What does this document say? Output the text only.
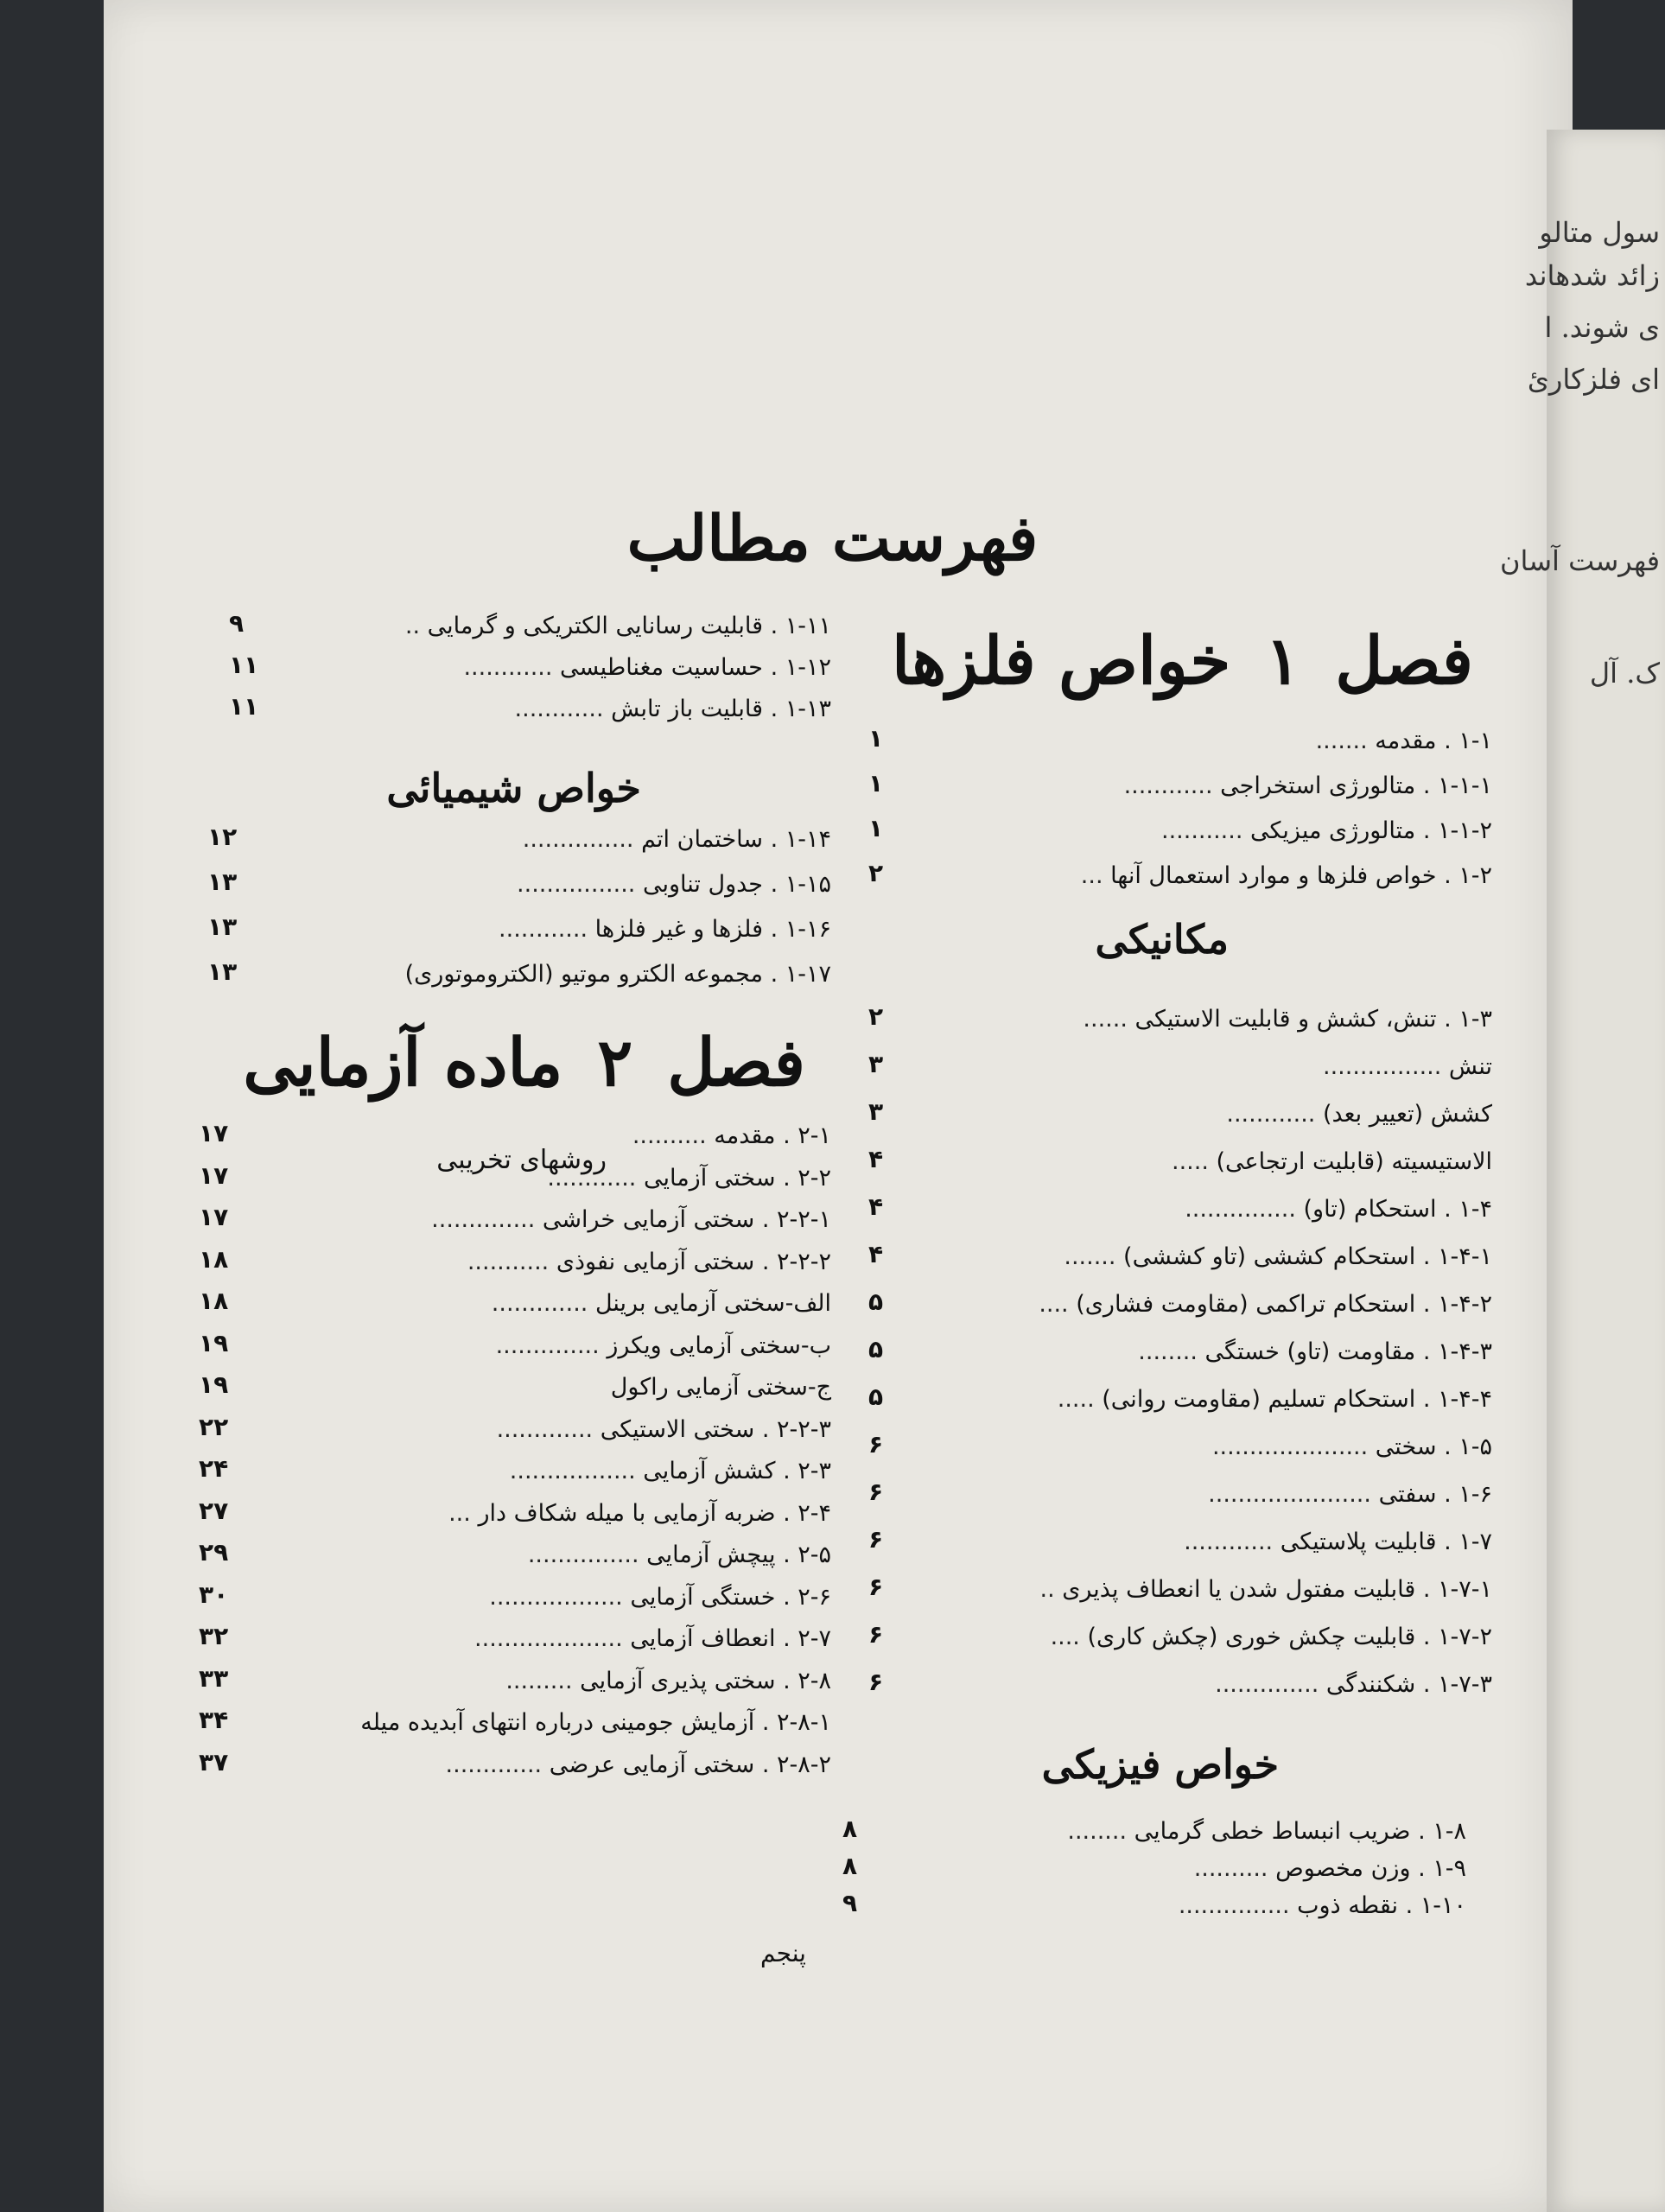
سول متالو
زائد شدهاند
ی شوند. ا
ای فلزکارئ
فهرست آسان
ک. آل
فهرست مطالب
فصل۱خواص فلزها
۱-۱ . مقدمه .......
۱
۱-۱-۱ . متالورژی استخراجی ............
۱
۱-۱-۲ . متالورژی میزیکی ...........
۱
۱-۲ . خواص فلزها و موارد استعمال آنها ...
۲
مکانیکی
۱-۳ . تنش، کشش و قابلیت الاستیکی ......
۲
تنش ................
۳
کشش (تعییر بعد) ............
۳
الاستیسیته (قابلیت ارتجاعی) .....
۴
۱-۴ . استحکام (تاو) ...............
۴
۱-۴-۱ . استحکام کششی (تاو کششی) .......
۴
۱-۴-۲ . استحکام تراکمی (مقاومت فشاری) ....
۵
۱-۴-۳ . مقاومت (تاو) خستگی ........
۵
۱-۴-۴ . استحکام تسلیم (مقاومت روانی) .....
۵
۱-۵ . سختی .....................
۶
۱-۶ . سفتی ......................
۶
۱-۷ . قابلیت پلاستیکی ............
۶
۱-۷-۱ . قابلیت مفتول شدن یا انعطاف پذیری ..
۶
۱-۷-۲ . قابلیت چکش خوری (چکش کاری) ....
۶
۱-۷-۳ . شکنندگی ..............
۶
خواص فیزیکی
۱-۸ . ضریب انبساط خطی گرمایی ........
۸
۱-۹ . وزن مخصوص ..........
۸
۱-۱۰ . نقطه ذوب ...............
۹
۱-۱۱ . قابلیت رسانایی الکتریکی و گرمایی ..
۹
۱-۱۲ . حساسیت مغناطیسی ............
۱۱
۱-۱۳ . قابلیت باز تابش ............
۱۱
خواص شیمیائی
۱-۱۴ . ساختمان اتم ...............
۱۲
۱-۱۵ . جدول تناوبی ................
۱۳
۱-۱۶ . فلزها و غیر فلزها ............
۱۳
۱-۱۷ . مجموعه الکترو موتیو (الکتروموتوری)
۱۳
فصل۲ماده آزمایی
روشهای تخریبی
۲-۱ . مقدمه ..........
۱۷
۲-۲ . سختی آزمایی ............
۱۷
۲-۲-۱ . سختی آزمایی خراشی ..............
۱۷
۲-۲-۲ . سختی آزمایی نفوذی ...........
۱۸
الف-سختی آزمایی برینل .............
۱۸
ب-سختی آزمایی ویکرز ..............
۱۹
ج-سختی آزمایی راکول
۱۹
۲-۲-۳ . سختی الاستیکی .............
۲۲
۲-۳ . کشش آزمایی .................
۲۴
۲-۴ . ضربه آزمایی با میله شکاف دار ...
۲۷
۲-۵ . پیچش آزمایی ...............
۲۹
۲-۶ . خستگی آزمایی ..................
۳۰
۲-۷ . انعطاف آزمایی ....................
۳۲
۲-۸ . سختی پذیری آزمایی .........
۳۳
۲-۸-۱ . آزمایش جومینی درباره انتهای آبدیده میله
۳۴
۲-۸-۲ . سختی آزمایی عرضی .............
۳۷
پنجم
